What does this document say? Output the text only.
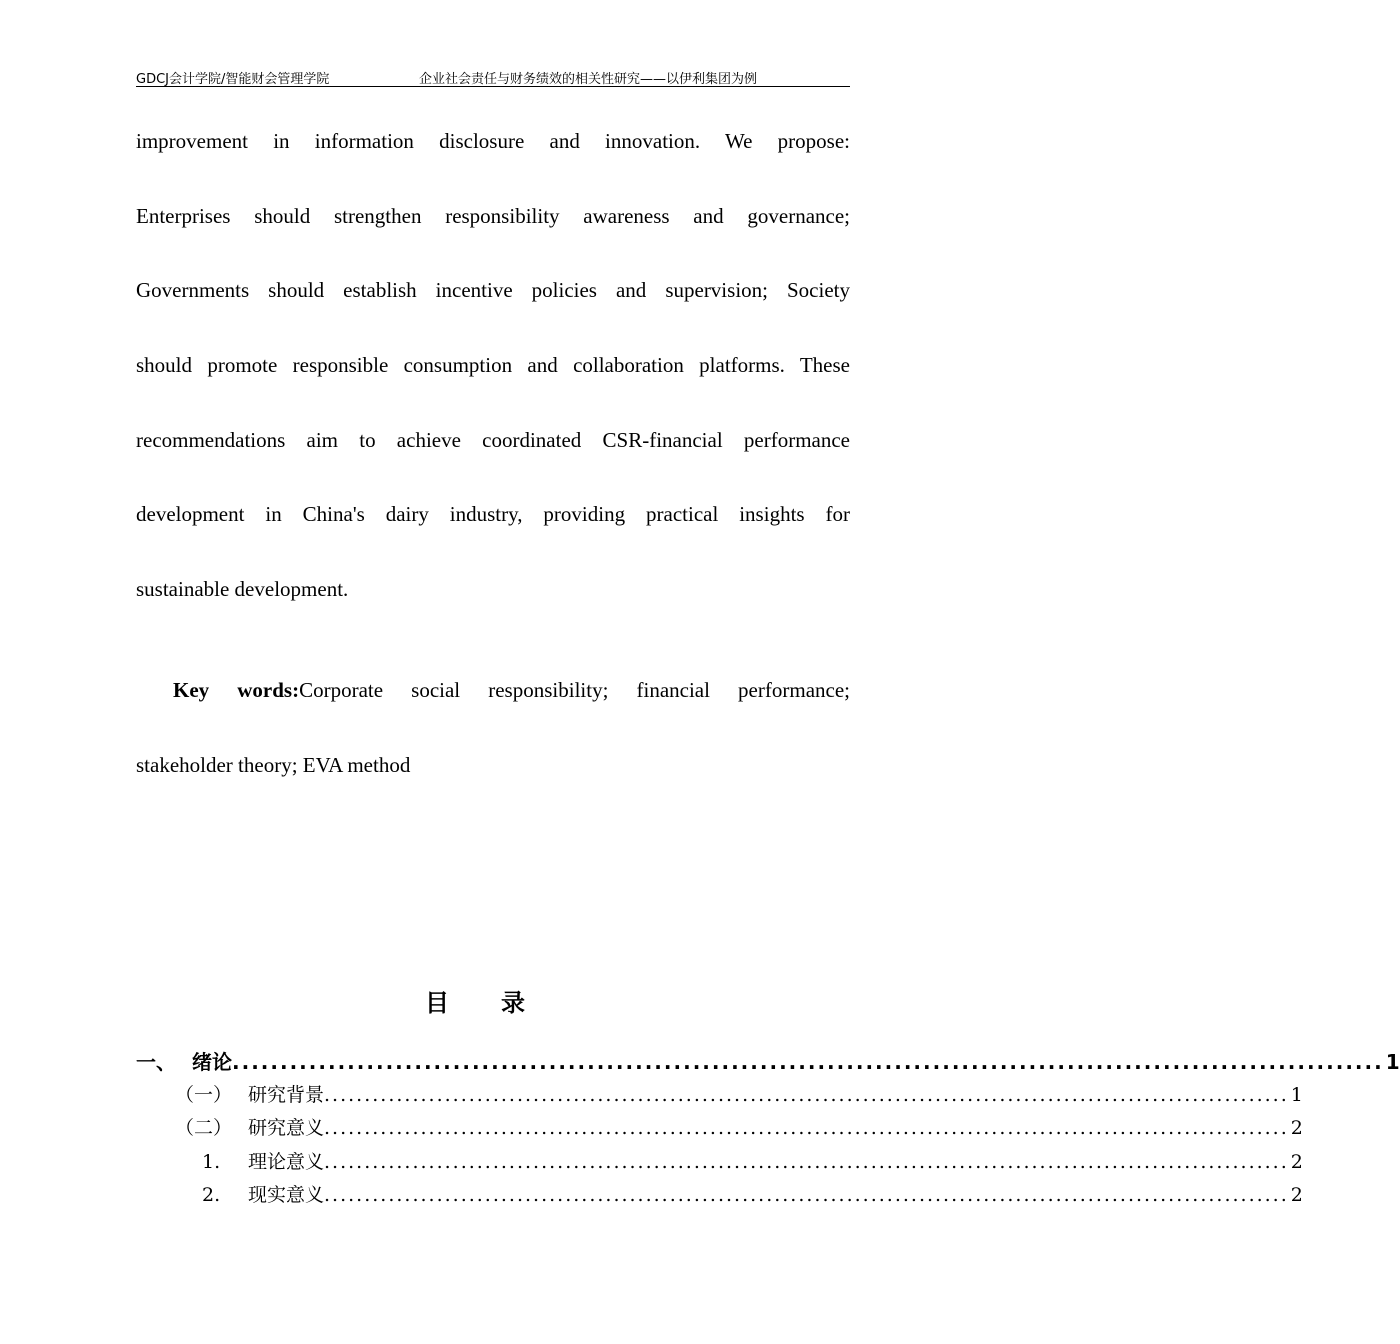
GDCJ会计学院/智能财会管理学院	企业社会责任与财务绩效的相关性研究——以伊利集团为例
improvement in information disclosure and innovation. We propose:
Enterprises should strengthen responsibility awareness and governance;
Governments should establish incentive policies and supervision; Society
should promote responsible consumption and collaboration platforms. These
recommendations aim to achieve coordinated CSR-financial performance
development in China's dairy industry, providing practical insights for
sustainable development.
Key words:Corporate social responsibility; financial performance;
stakeholder theory; EVA method
目 录
一、 绪论 ........................................................................................................................ 1
（一） 研究背景 ........................................................................................................................ 1
（二） 研究意义 ........................................................................................................................ 2
1.	理论意义 ........................................................................................................................ 2
2.	现实意义 ........................................................................................................................ 2
